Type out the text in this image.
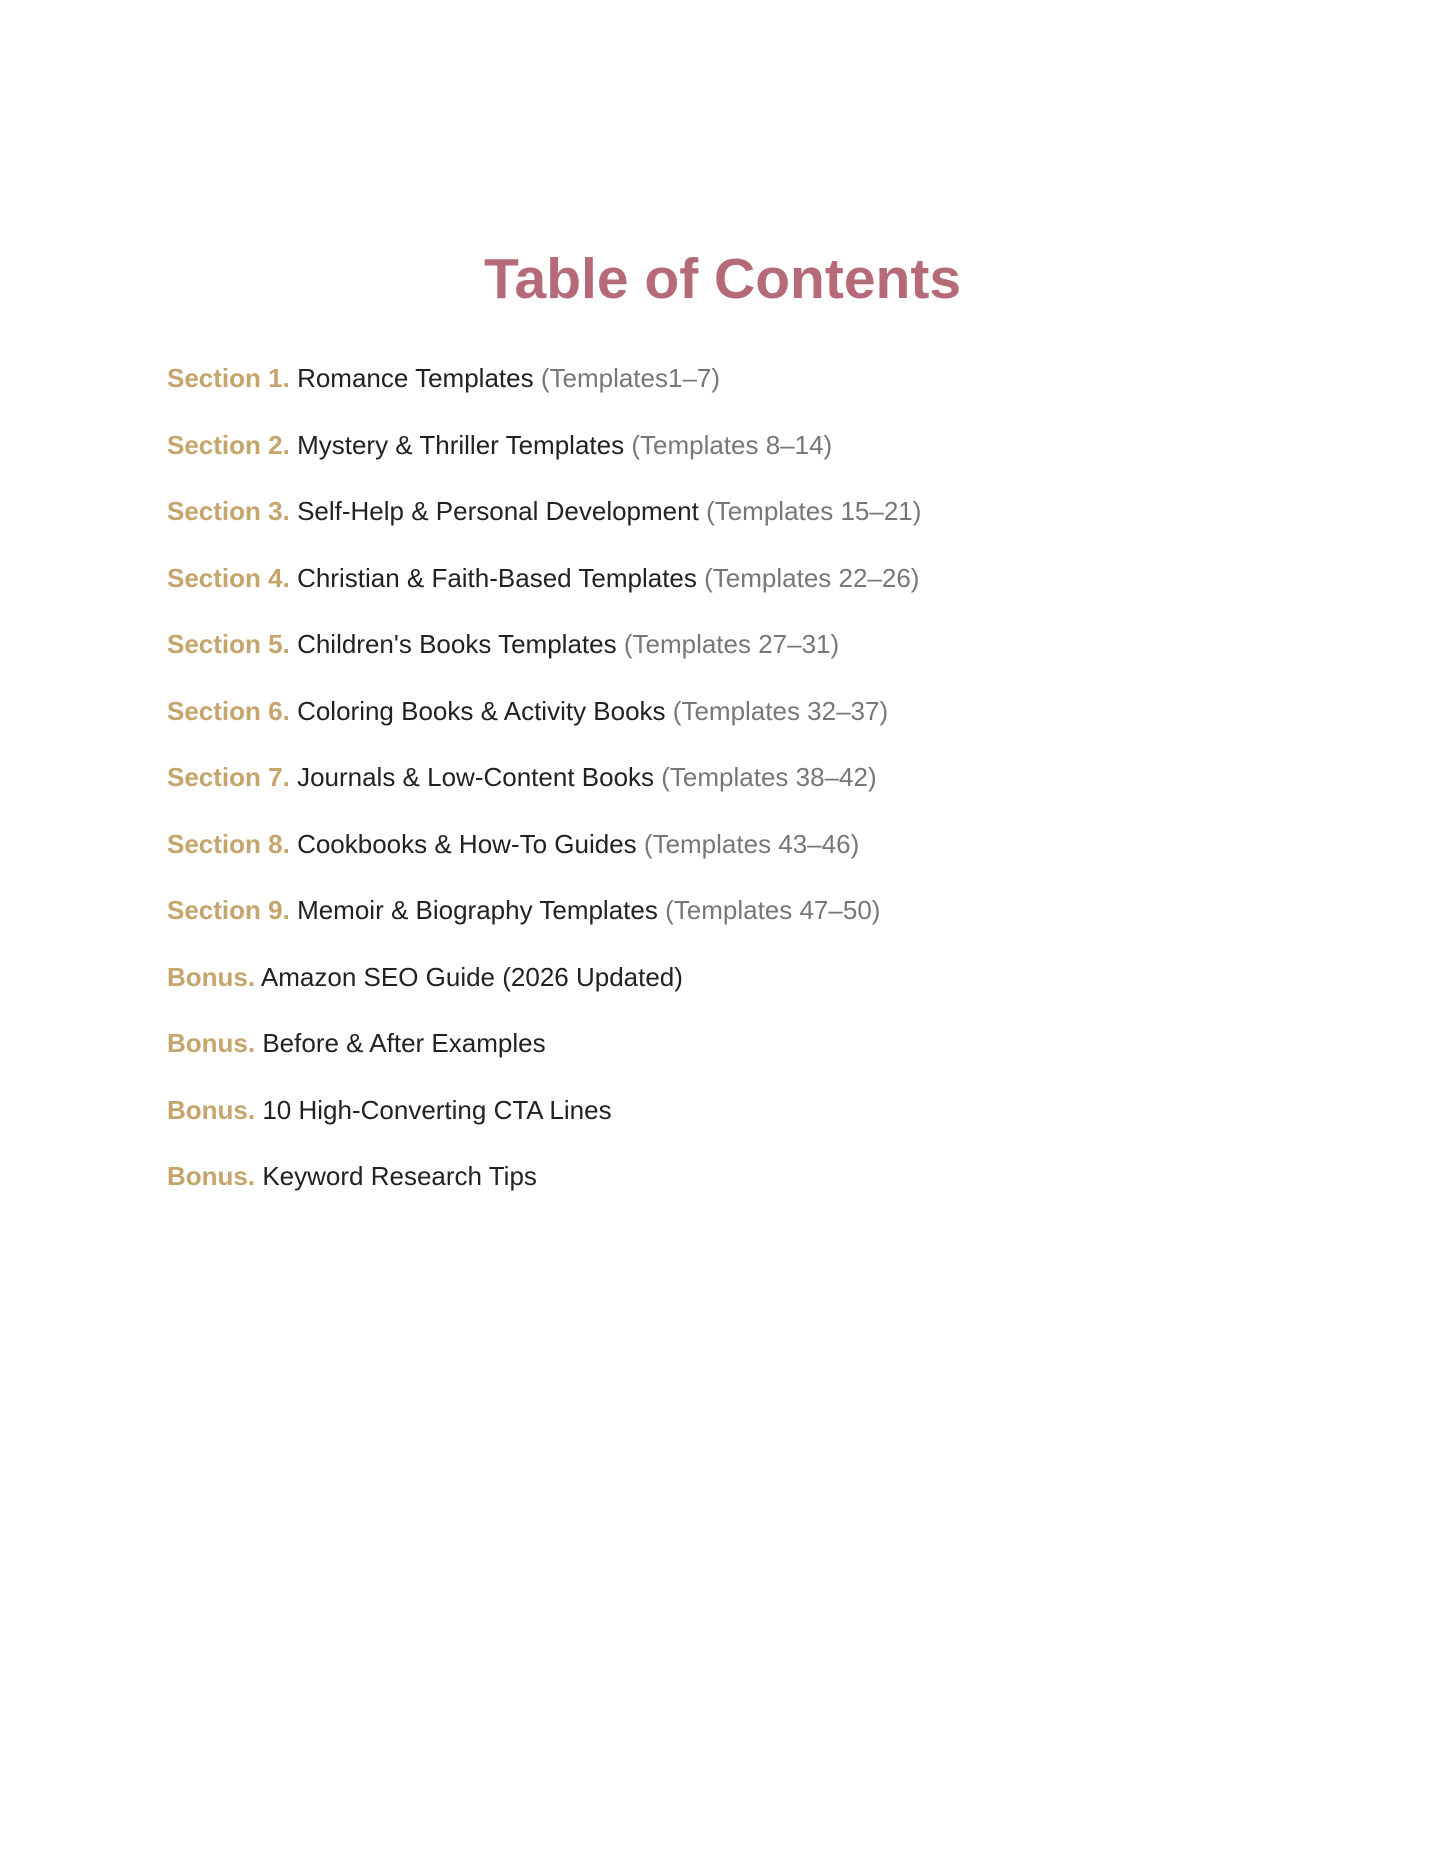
Table of Contents
Section 1. Romance Templates (Templates1–7)
Section 2. Mystery & Thriller Templates (Templates 8–14)
Section 3. Self-Help & Personal Development (Templates 15–21)
Section 4. Christian & Faith-Based Templates (Templates 22–26)
Section 5. Children's Books Templates (Templates 27–31)
Section 6. Coloring Books & Activity Books (Templates 32–37)
Section 7. Journals & Low-Content Books (Templates 38–42)
Section 8. Cookbooks & How-To Guides (Templates 43–46)
Section 9. Memoir & Biography Templates (Templates 47–50)
Bonus. Amazon SEO Guide (2026 Updated)
Bonus. Before & After Examples
Bonus. 10 High-Converting CTA Lines
Bonus. Keyword Research Tips
